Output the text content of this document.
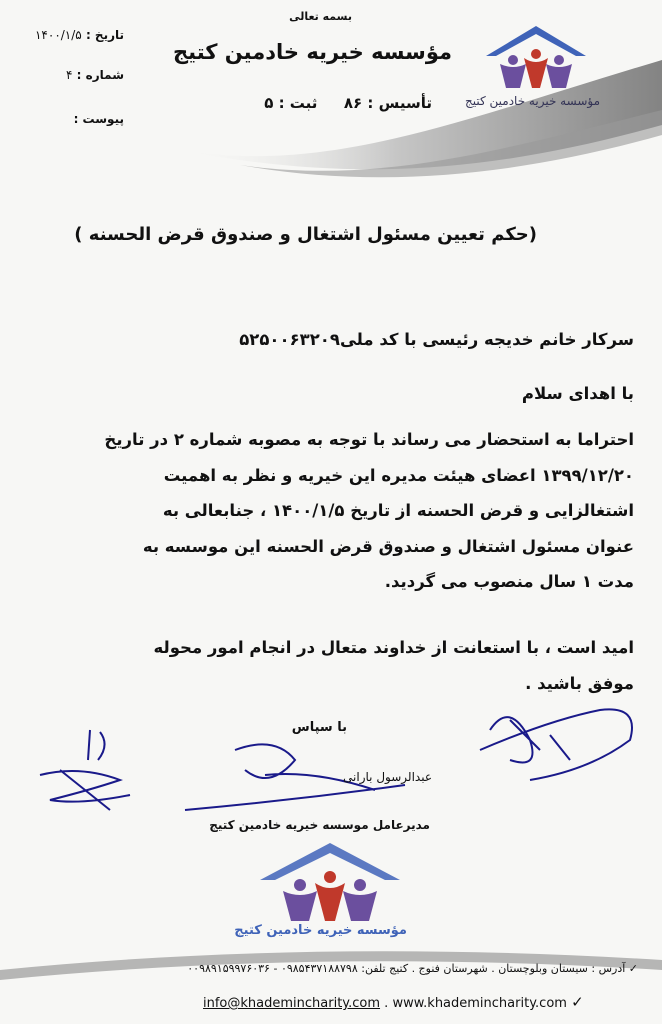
مؤسسه خیریه خادمین کتیج
بسمه تعالی
مؤسسه خیریه خادمین کتیج
تأسیس : ۸۶  ثبت : ۵
تاریخ : ۱۴۰۰/۱/۵
شماره : ۴
پیوست :
(حکم تعیین مسئول اشتغال و صندوق قرض الحسنه )
سرکار خانم خدیجه رئیسی با کد ملی۵۲۵۰۰۶۳۲۰۹
با اهدای سلام
احتراما به استحضار می رساند با توجه به مصوبه شماره ۲ در تاریخ
۱۳۹۹/۱۲/۲۰ اعضای هیئت مدیره این خیریه و نظر به اهمیت
اشتغالزایی و قرض الحسنه از تاریخ ۱۴۰۰/۱/۵ ، جنابعالی به
عنوان مسئول اشتغال و صندوق قرض الحسنه این موسسه به
مدت ۱ سال منصوب می گردید.
امید است ، با استعانت از خداوند متعال در انجام امور محوله
موفق باشید .
با سپاس
عبدالرسول بارانی
مدیرعامل موسسه خیریه خادمین کتیج
مؤسسه خیریه خادمین کتیج
✓ آدرس : سیستان وبلوچستان . شهرستان فنوج . کتیج تلفن: ۰۹۸۵۴۳۷۱۸۸۷۹۸ - ۰۰۹۸۹۱۵۹۹۷۶۰۳۶
info@khademincharity.com . www.khademincharity.com ✓
